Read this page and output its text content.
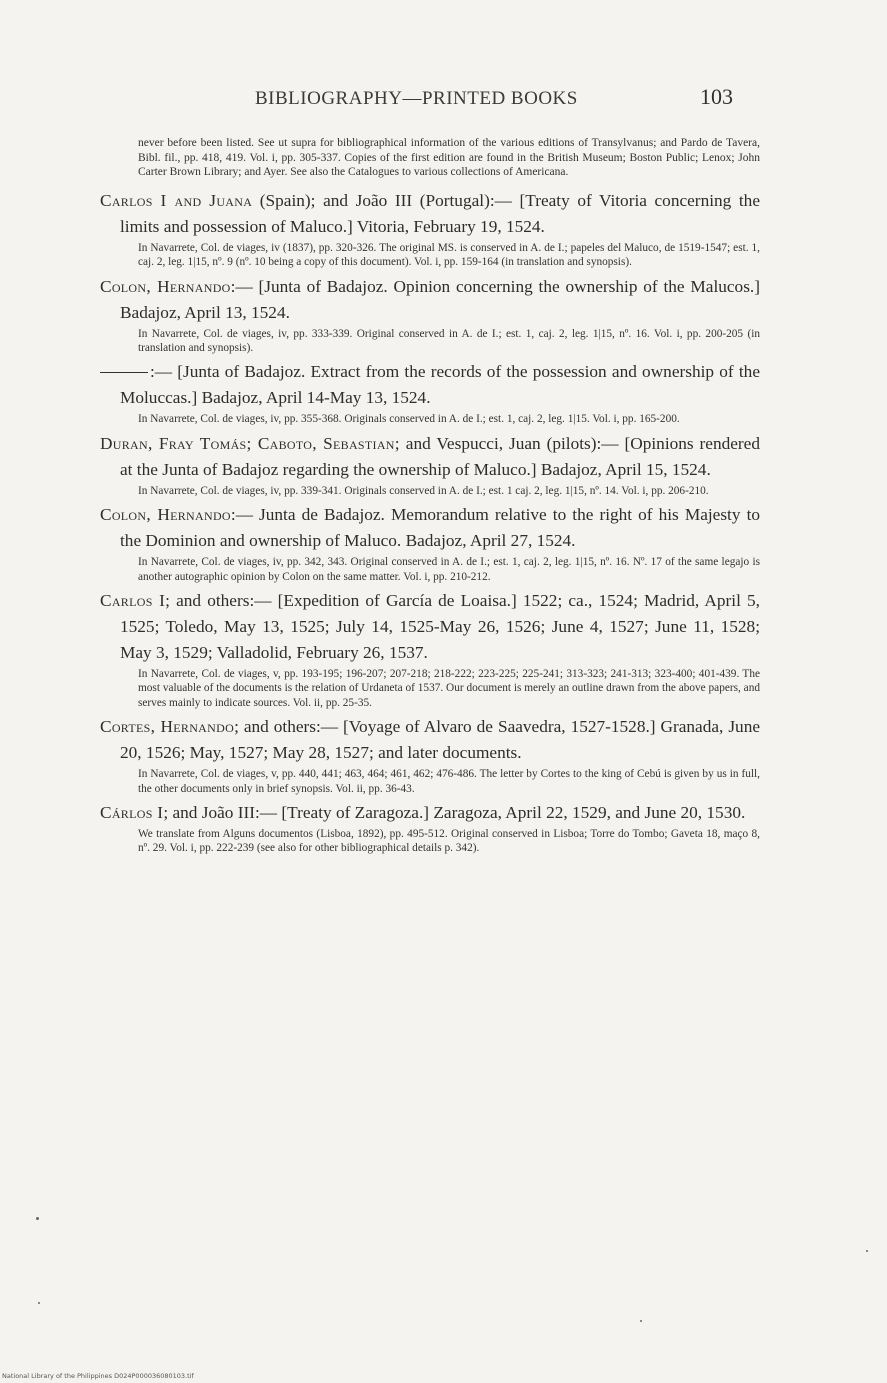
BIBLIOGRAPHY—PRINTED BOOKS	103

never before been listed. See ut supra for bibliographical information of the various editions of Transylvanus; and Pardo de Tavera, Bibl. fil., pp. 418, 419. Vol. i, pp. 305-337. Copies of the first edition are found in the British Museum; Boston Public; Lenox; John Carter Brown Library; and Ayer. See also the Catalogues to various collections of Americana.

Carlos I and Juana (Spain); and João III (Portugal):— [Treaty of Vitoria concerning the limits and possession of Maluco.] Vitoria, February 19, 1524.

In Navarrete, Col. de viages, iv (1837), pp. 320-326. The original MS. is conserved in A. de I.; papeles del Maluco, de 1519-1547; est. 1, caj. 2, leg. 1|15, nº. 9 (nº. 10 being a copy of this document). Vol. i, pp. 159-164 (in translation and synopsis).

Colon, Hernando:— [Junta of Badajoz. Opinion concerning the ownership of the Malucos.] Badajoz, April 13, 1524.

In Navarrete, Col. de viages, iv, pp. 333-339. Original conserved in A. de I.; est. 1, caj. 2, leg. 1|15, nº. 16. Vol. i, pp. 200-205 (in translation and synopsis).

:— [Junta of Badajoz. Extract from the records of the possession and ownership of the Moluccas.] Badajoz, April 14-May 13, 1524.

In Navarrete, Col. de viages, iv, pp. 355-368. Originals conserved in A. de I.; est. 1, caj. 2, leg. 1|15. Vol. i, pp. 165-200.

Duran, Fray Tomás; Caboto, Sebastian; and Vespucci, Juan (pilots):— [Opinions rendered at the Junta of Badajoz regarding the ownership of Maluco.] Badajoz, April 15, 1524.

In Navarrete, Col. de viages, iv, pp. 339-341. Originals conserved in A. de I.; est. 1 caj. 2, leg. 1|15, nº. 14. Vol. i, pp. 206-210.

Colon, Hernando:— Junta de Badajoz. Memorandum relative to the right of his Majesty to the Dominion and ownership of Maluco. Badajoz, April 27, 1524.

In Navarrete, Col. de viages, iv, pp. 342, 343. Original conserved in A. de I.; est. 1, caj. 2, leg. 1|15, nº. 16. Nº. 17 of the same legajo is another autographic opinion by Colon on the same matter. Vol. i, pp. 210-212.

Carlos I; and others:— [Expedition of García de Loaisa.] 1522; ca., 1524; Madrid, April 5, 1525; Toledo, May 13, 1525; July 14, 1525-May 26, 1526; June 4, 1527; June 11, 1528; May 3, 1529; Valladolid, February 26, 1537.

In Navarrete, Col. de viages, v, pp. 193-195; 196-207; 207-218; 218-222; 223-225; 225-241; 313-323; 241-313; 323-400; 401-439. The most valuable of the documents is the relation of Urdaneta of 1537. Our document is merely an outline drawn from the above papers, and serves mainly to indicate sources. Vol. ii, pp. 25-35.

Cortes, Hernando; and others:— [Voyage of Alvaro de Saavedra, 1527-1528.] Granada, June 20, 1526; May, 1527; May 28, 1527; and later documents.

In Navarrete, Col. de viages, v, pp. 440, 441; 463, 464; 461, 462; 476-486. The letter by Cortes to the king of Cebú is given by us in full, the other documents only in brief synopsis. Vol. ii, pp. 36-43.

Cárlos I; and João III:— [Treaty of Zaragoza.] Zaragoza, April 22, 1529, and June 20, 1530.

We translate from Alguns documentos (Lisboa, 1892), pp. 495-512. Original conserved in Lisboa; Torre do Tombo; Gaveta 18, maço 8, nº. 29. Vol. i, pp. 222-239 (see also for other bibliographical details p. 342).

National Library of the Philippines D024P000036080103.tif
